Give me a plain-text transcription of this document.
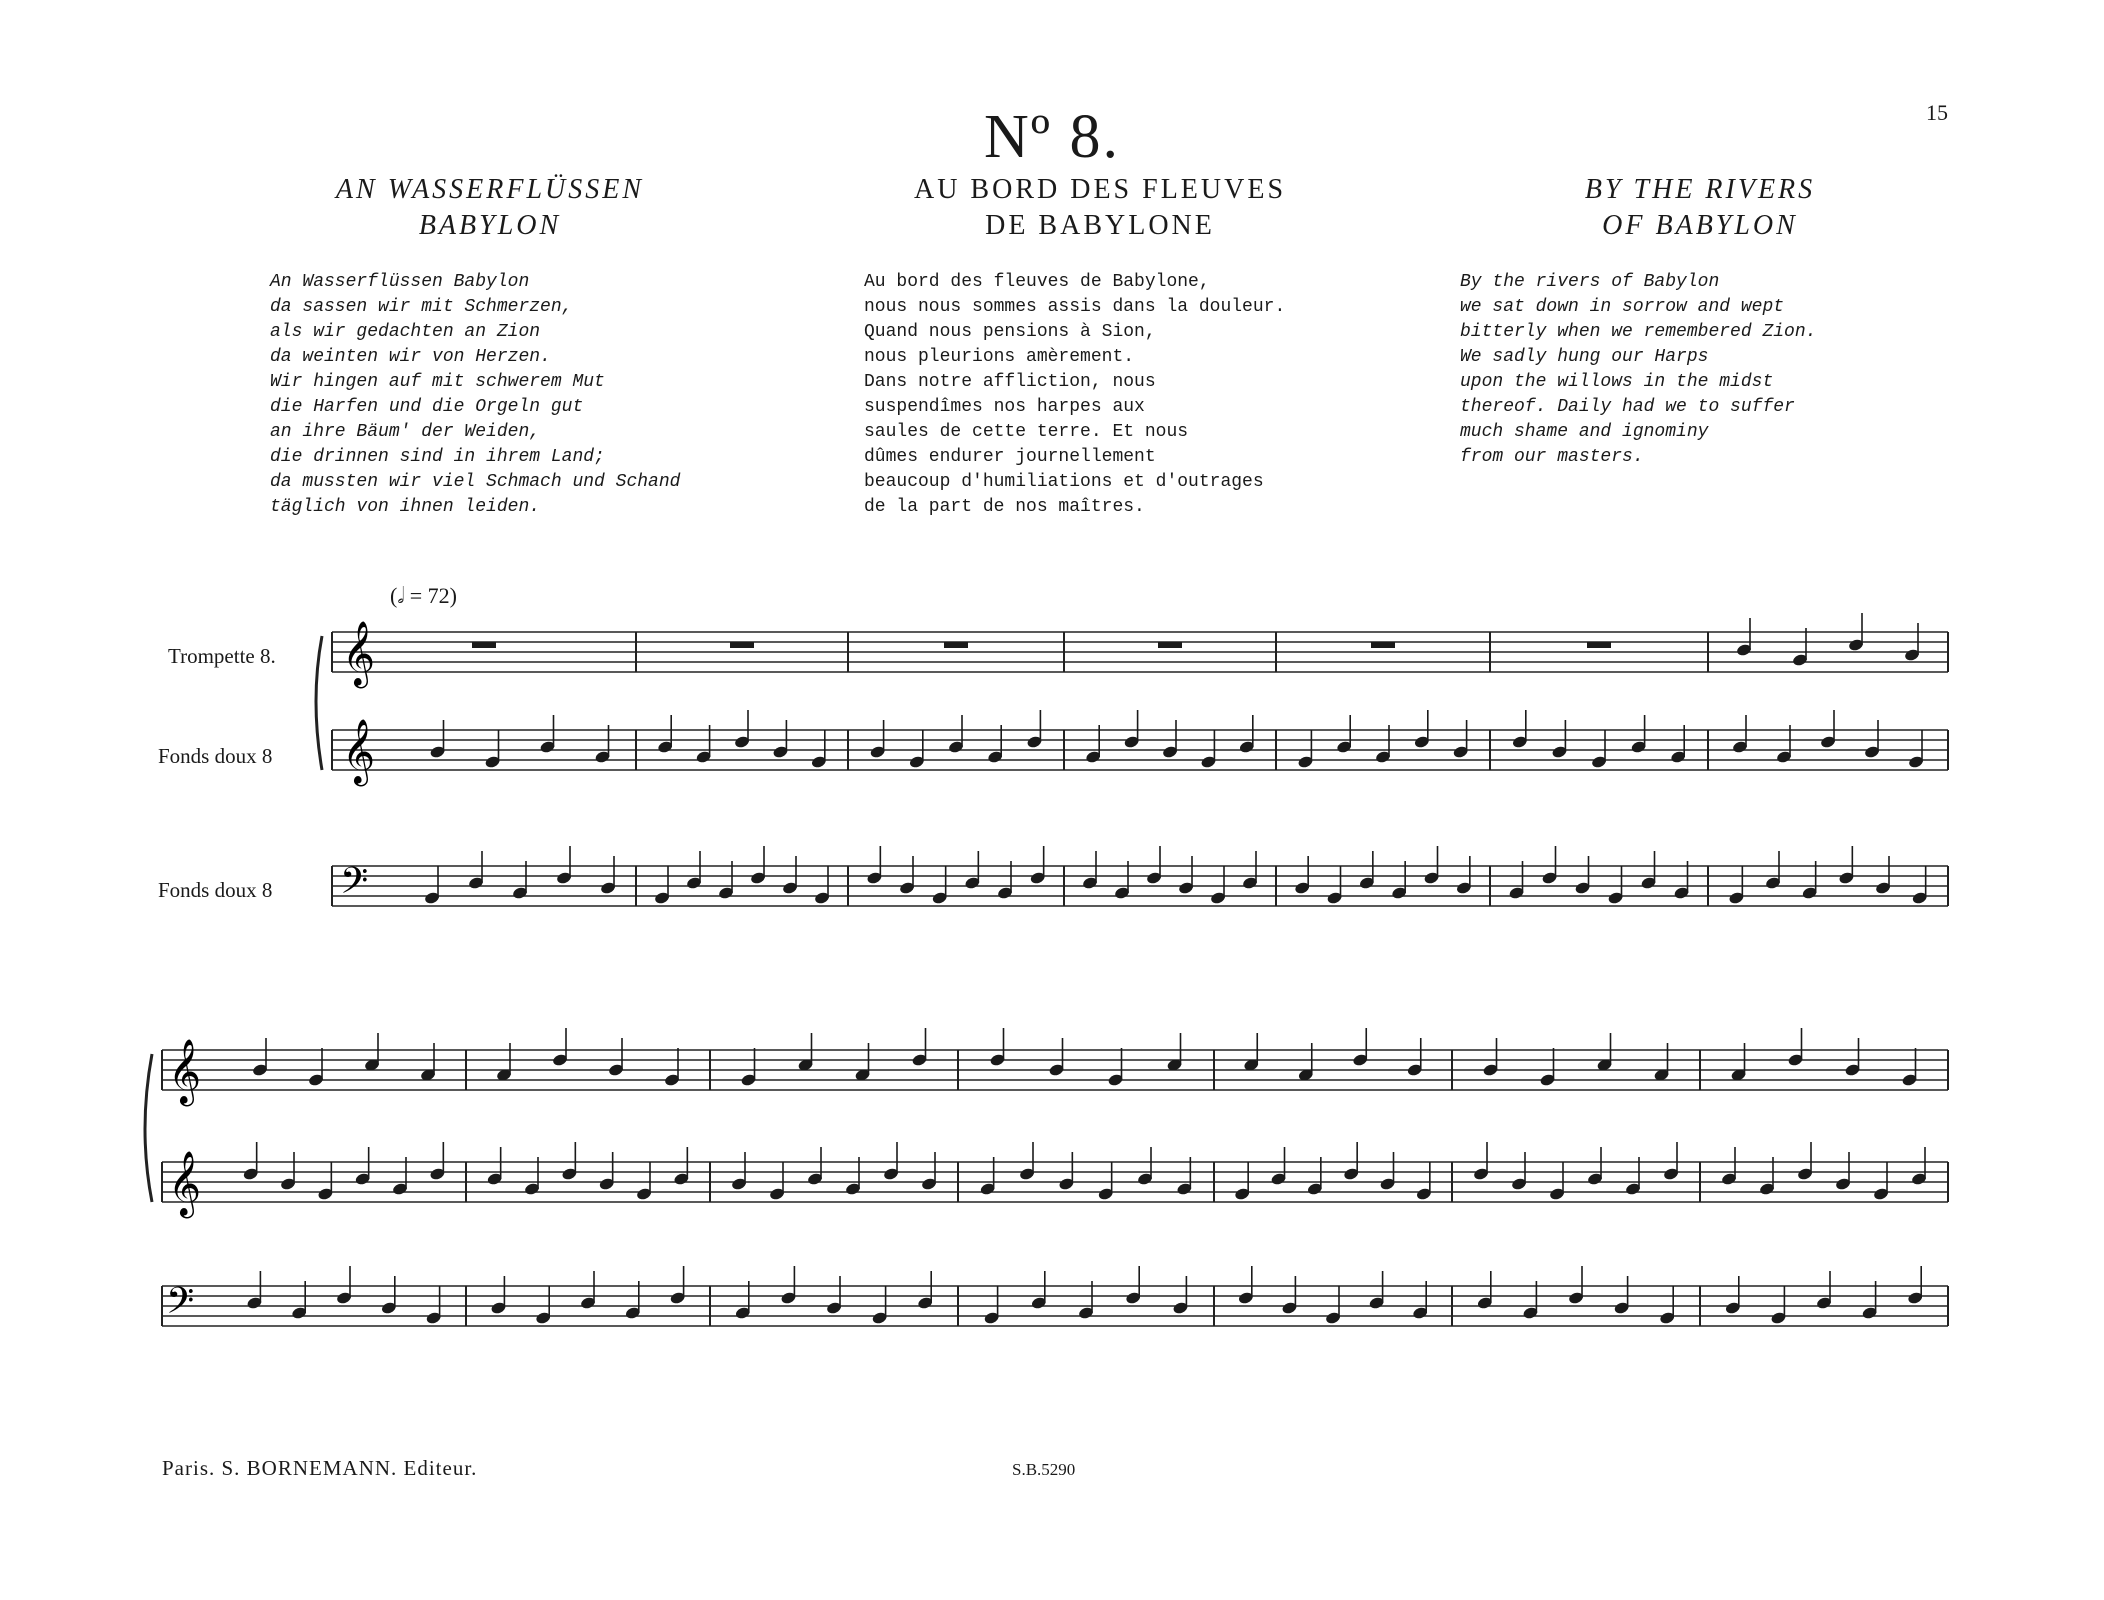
15
Nº 8.
AN WASSERFLÜSSEN
BABYLON
An Wasserflüssen Babylon
da sassen wir mit Schmerzen,
als wir gedachten an Zion
da weinten wir von Herzen.
Wir hingen auf mit schwerem Mut
die Harfen und die Orgeln gut
an ihre Bäum' der Weiden,
die drinnen sind in ihrem Land;
da mussten wir viel Schmach und Schand
täglich von ihnen leiden.
AU BORD DES FLEUVES
DE BABYLONE
Au bord des fleuves de Babylone,
nous nous sommes assis dans la douleur.
Quand nous pensions à Sion,
nous pleurions amèrement.
Dans notre affliction, nous
suspendîmes nos harpes aux
saules de cette terre. Et nous
dûmes endurer journellement
beaucoup d'humiliations et d'outrages
de la part de nos maîtres.
BY THE RIVERS
OF BABYLON
By the rivers of Babylon
we sat down in sorrow and wept
bitterly when we remembered Zion.
We sadly hung our Harps
upon the willows in the midst
thereof. Daily had we to suffer
much shame and ignominy
from our masters.
(𝅗𝅥 = 72)
Trompette 8.
Fonds doux 8
Fonds doux 8
𝄞
𝄞
𝄢
𝄞
𝄞
𝄢
Paris. S. BORNEMANN. Editeur.	S.B.5290
